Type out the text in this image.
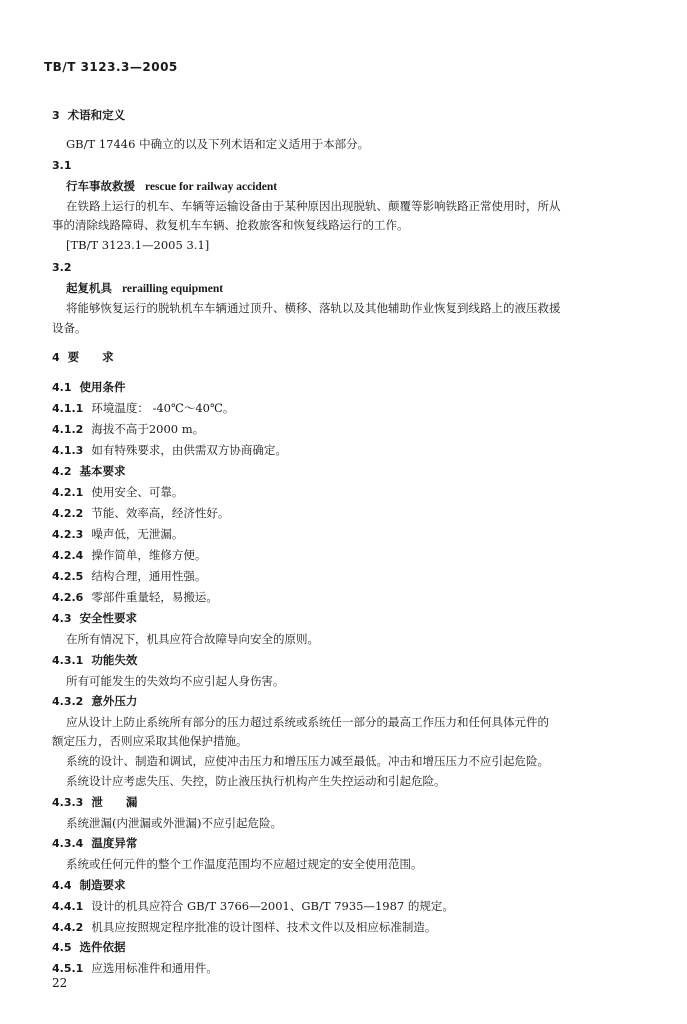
TB/T 3123.3—2005
3 术语和定义
GB/T 17446 中确立的以及下列术语和定义适用于本部分。
3.1
行车事故救援 rescue for railway accident
在铁路上运行的机车、车辆等运输设备由于某种原因出现脱轨、颠覆等影响铁路正常使用时，所从
事的清除线路障碍、救复机车车辆、抢救旅客和恢复线路运行的工作。
[TB/T 3123.1—2005 3.1]
3.2
起复机具 rerailling equipment
将能够恢复运行的脱轨机车车辆通过顶升、横移、落轨以及其他辅助作业恢复到线路上的液压救援
设备。
4 要　　求
4.1 使用条件
4.1.1 环境温度： -40℃～40℃。
4.1.2 海拔不高于2000 m。
4.1.3 如有特殊要求，由供需双方协商确定。
4.2 基本要求
4.2.1 使用安全、可靠。
4.2.2 节能、效率高，经济性好。
4.2.3 噪声低，无泄漏。
4.2.4 操作简单，维修方便。
4.2.5 结构合理，通用性强。
4.2.6 零部件重量轻，易搬运。
4.3 安全性要求
在所有情况下，机具应符合故障导向安全的原则。
4.3.1 功能失效
所有可能发生的失效均不应引起人身伤害。
4.3.2 意外压力
应从设计上防止系统所有部分的压力超过系统或系统任一部分的最高工作压力和任何具体元件的
额定压力，否则应采取其他保护措施。
系统的设计、制造和调试，应使冲击压力和增压压力减至最低。冲击和增压压力不应引起危险。
系统设计应考虑失压、失控，防止液压执行机构产生失控运动和引起危险。
4.3.3 泄　　漏
系统泄漏(内泄漏或外泄漏)不应引起危险。
4.3.4 温度异常
系统或任何元件的整个工作温度范围均不应超过规定的安全使用范围。
4.4 制造要求
4.4.1 设计的机具应符合 GB/T 3766—2001、GB/T 7935—1987 的规定。
4.4.2 机具应按照规定程序批准的设计图样、技术文件以及相应标准制造。
4.5 选件依据
4.5.1 应选用标准件和通用件。
22
